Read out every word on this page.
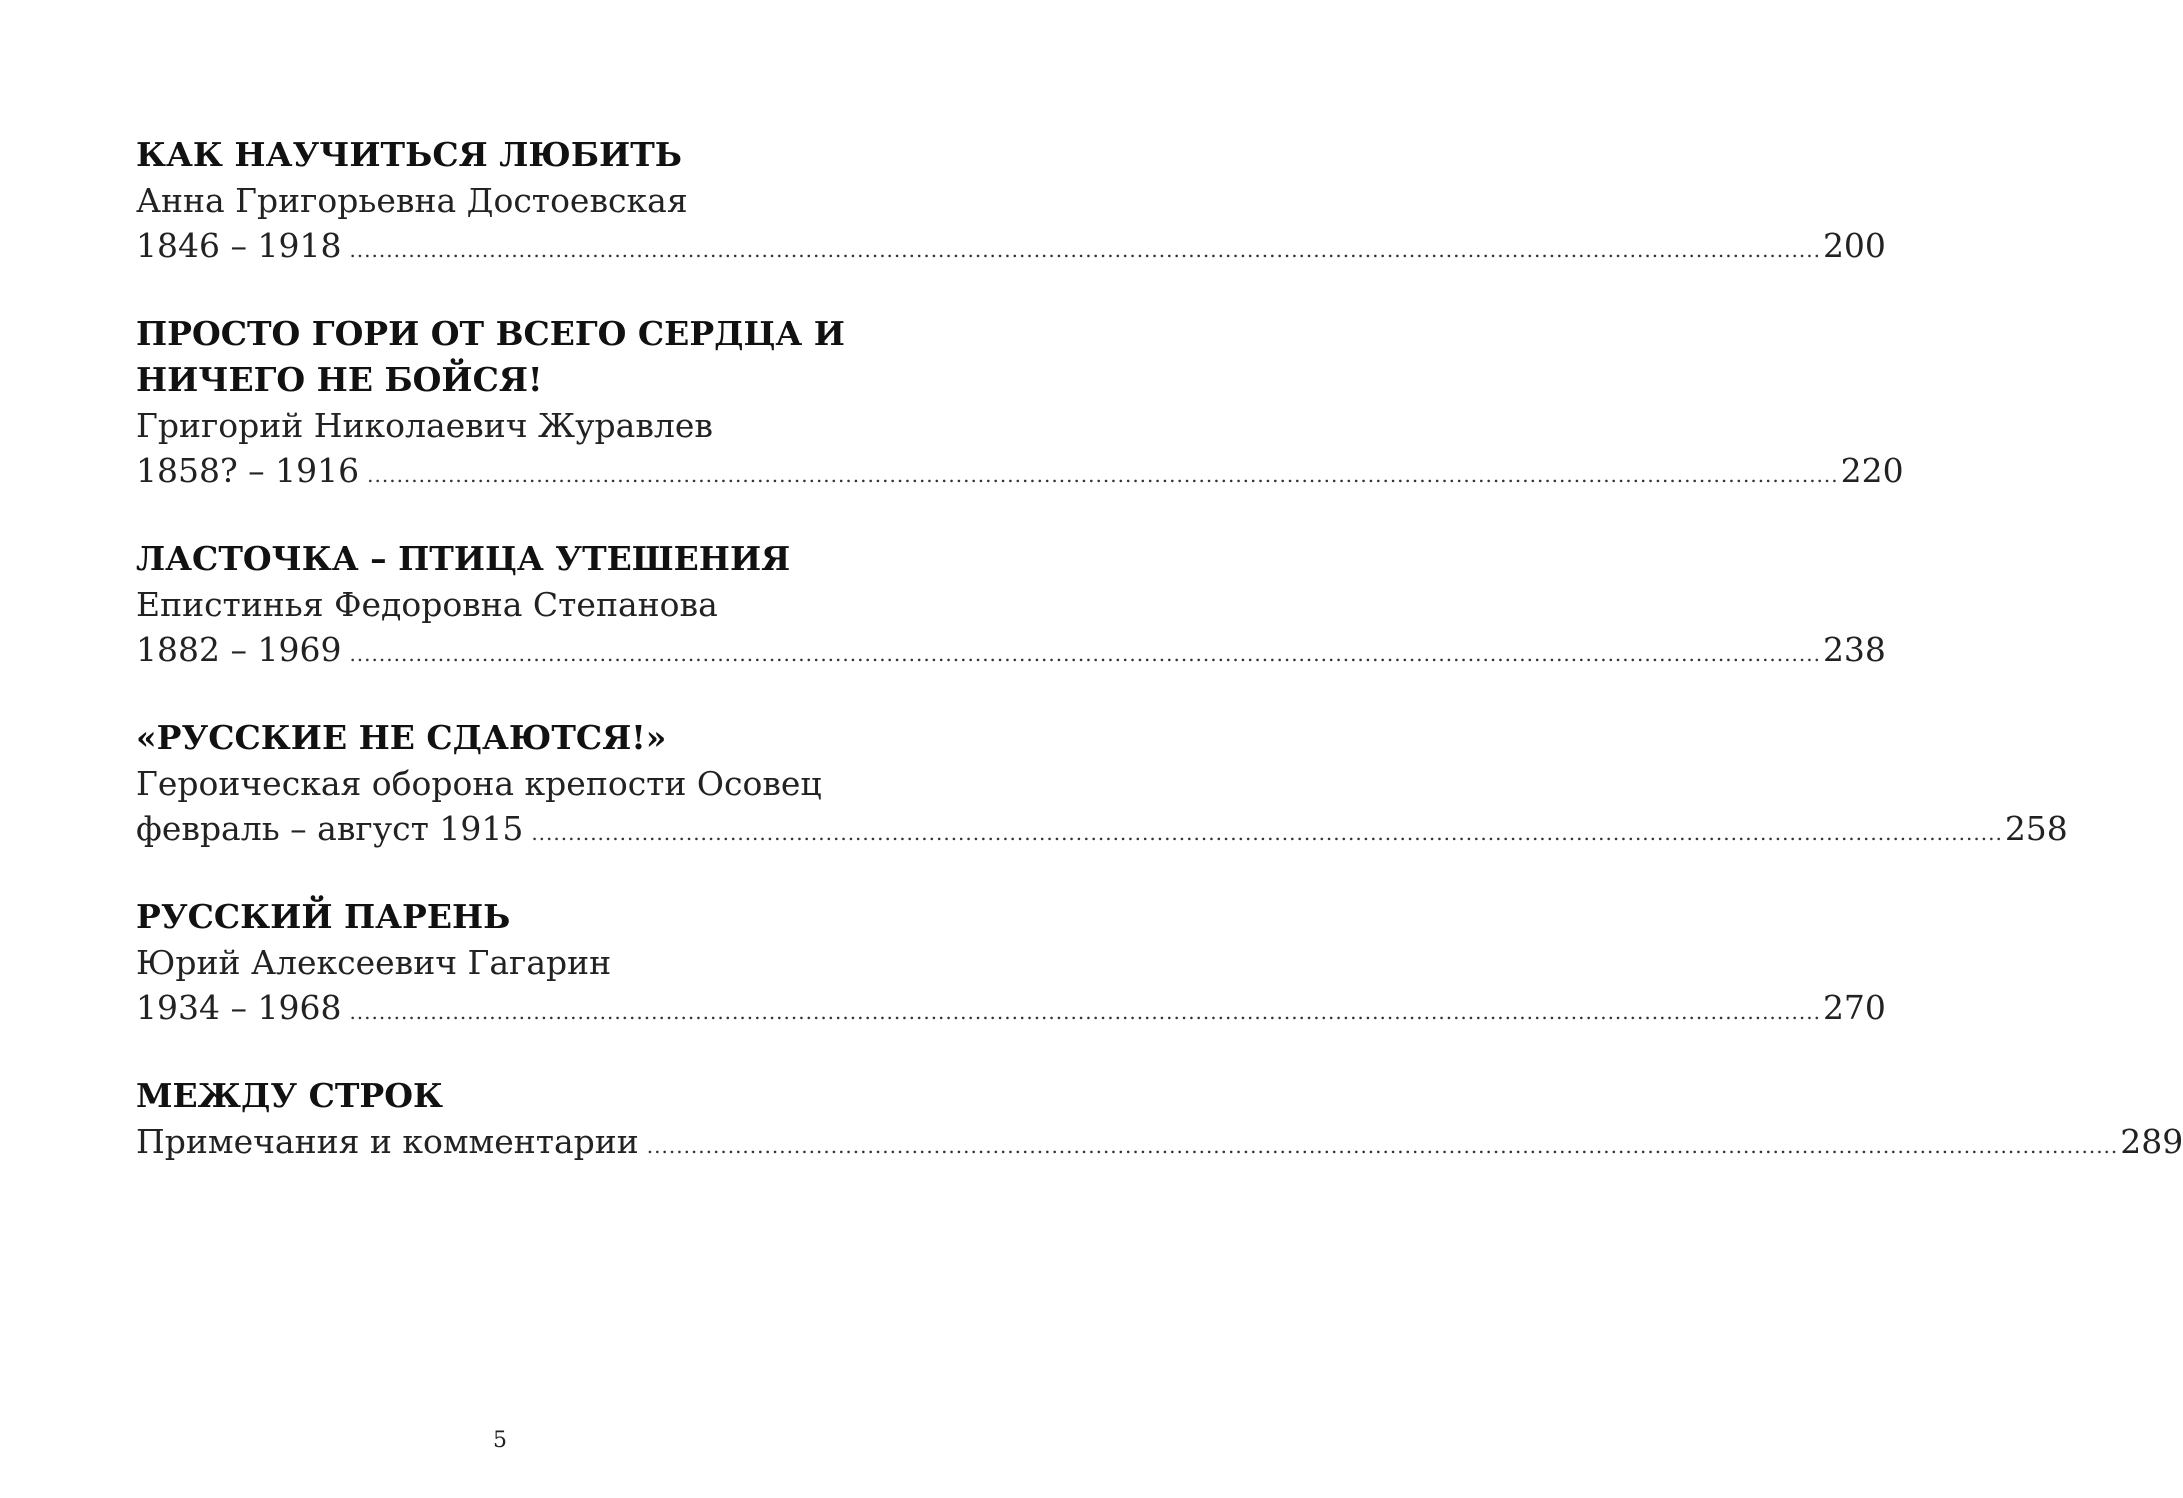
КАК НАУЧИТЬСЯ ЛЮБИТЬ
Анна Григорьевна Достоевская
1846 – 1918 ........................................................................................................................................................................................................ 200
ПРОСТО ГОРИ ОТ ВСЕГО СЕРДЦА И
НИЧЕГО НЕ БОЙСЯ!
Григорий Николаевич Журавлев
1858? – 1916 ........................................................................................................................................................................................................ 220
ЛАСТОЧКА – ПТИЦА УТЕШЕНИЯ
Епистинья Федоровна Степанова
1882 – 1969 ........................................................................................................................................................................................................ 238
«РУССКИЕ НЕ СДАЮТСЯ!»
Героическая оборона крепости Осовец
февраль – август 1915 ........................................................................................................................................................................................................ 258
РУССКИЙ ПАРЕНЬ
Юрий Алексеевич Гагарин
1934 – 1968 ........................................................................................................................................................................................................ 270
МЕЖДУ СТРОК
Примечания и комментарии ........................................................................................................................................................................................................ 289
5
